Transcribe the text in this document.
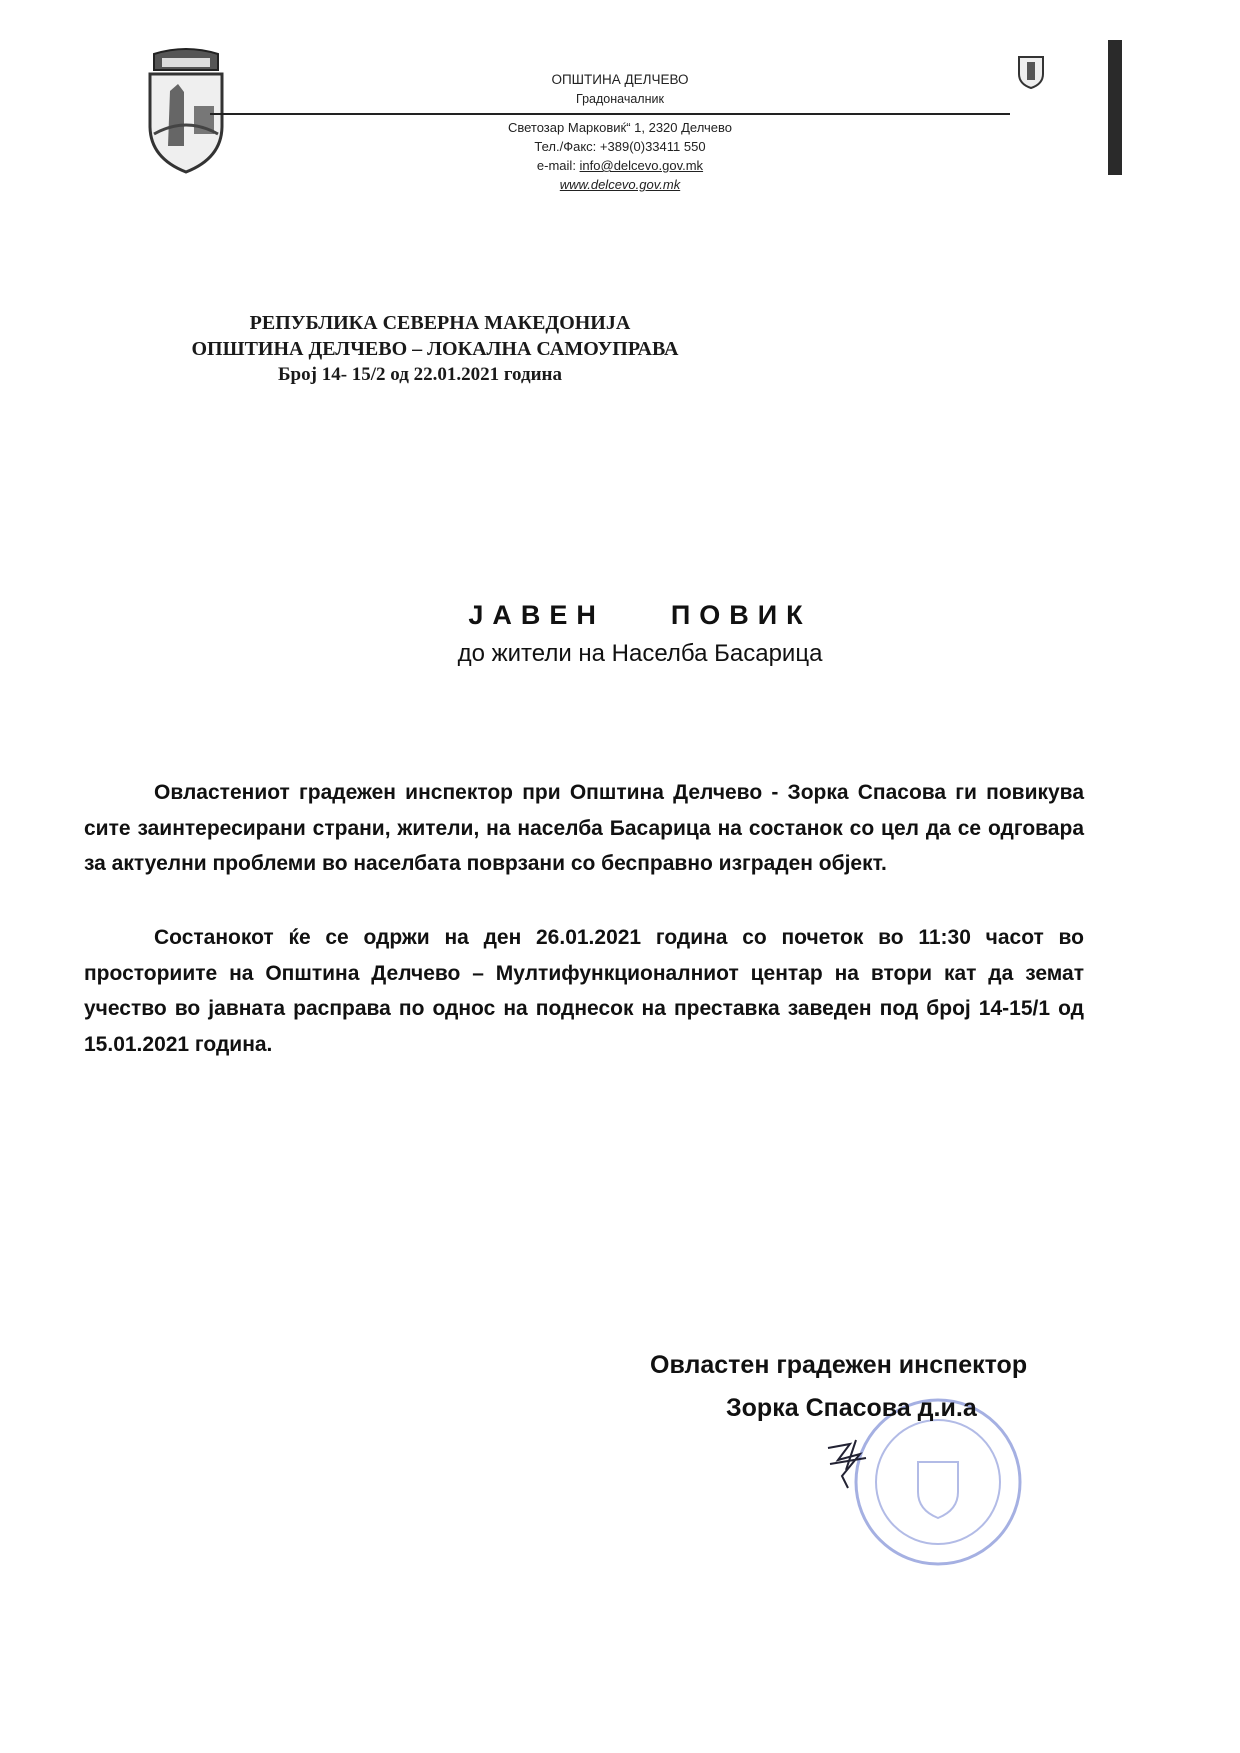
ОПШТИНА ДЕЛЧЕВО
Градоначалник
Светозар Марковиќ“ 1, 2320 Делчево
Тел./Факс: +389(0)33411 550
e-mail: info@delcevo.gov.mk
www.delcevo.gov.mk
РЕПУБЛИКА СЕВЕРНА МАКЕДОНИЈА
ОПШТИНА ДЕЛЧЕВО – ЛОКАЛНА САМОУПРАВА
Број 14- 15/2 од 22.01.2021 година
ЈАВЕН    ПОВИК
до жители на Населба Басарица

Овластениот градежен инспектор при Општина Делчево - Зорка Спасова ги повикува сите заинтересирани страни, жители, на населба Басарица на состанок со цел да се одговара за актуелни проблеми во населбата поврзани со бесправно изграден објект.

Состанокот ќе се одржи на ден 26.01.2021 година со почеток во 11:30 часот во просториите на Општина Делчево – Мултифункционалниот центар на втори кат да земат учество во јавната расправа по однос на поднесок на преставка заведен под број 14-15/1 од 15.01.2021 година.

Овластен градежен инспектор
Зорка Спасова д.и.а
